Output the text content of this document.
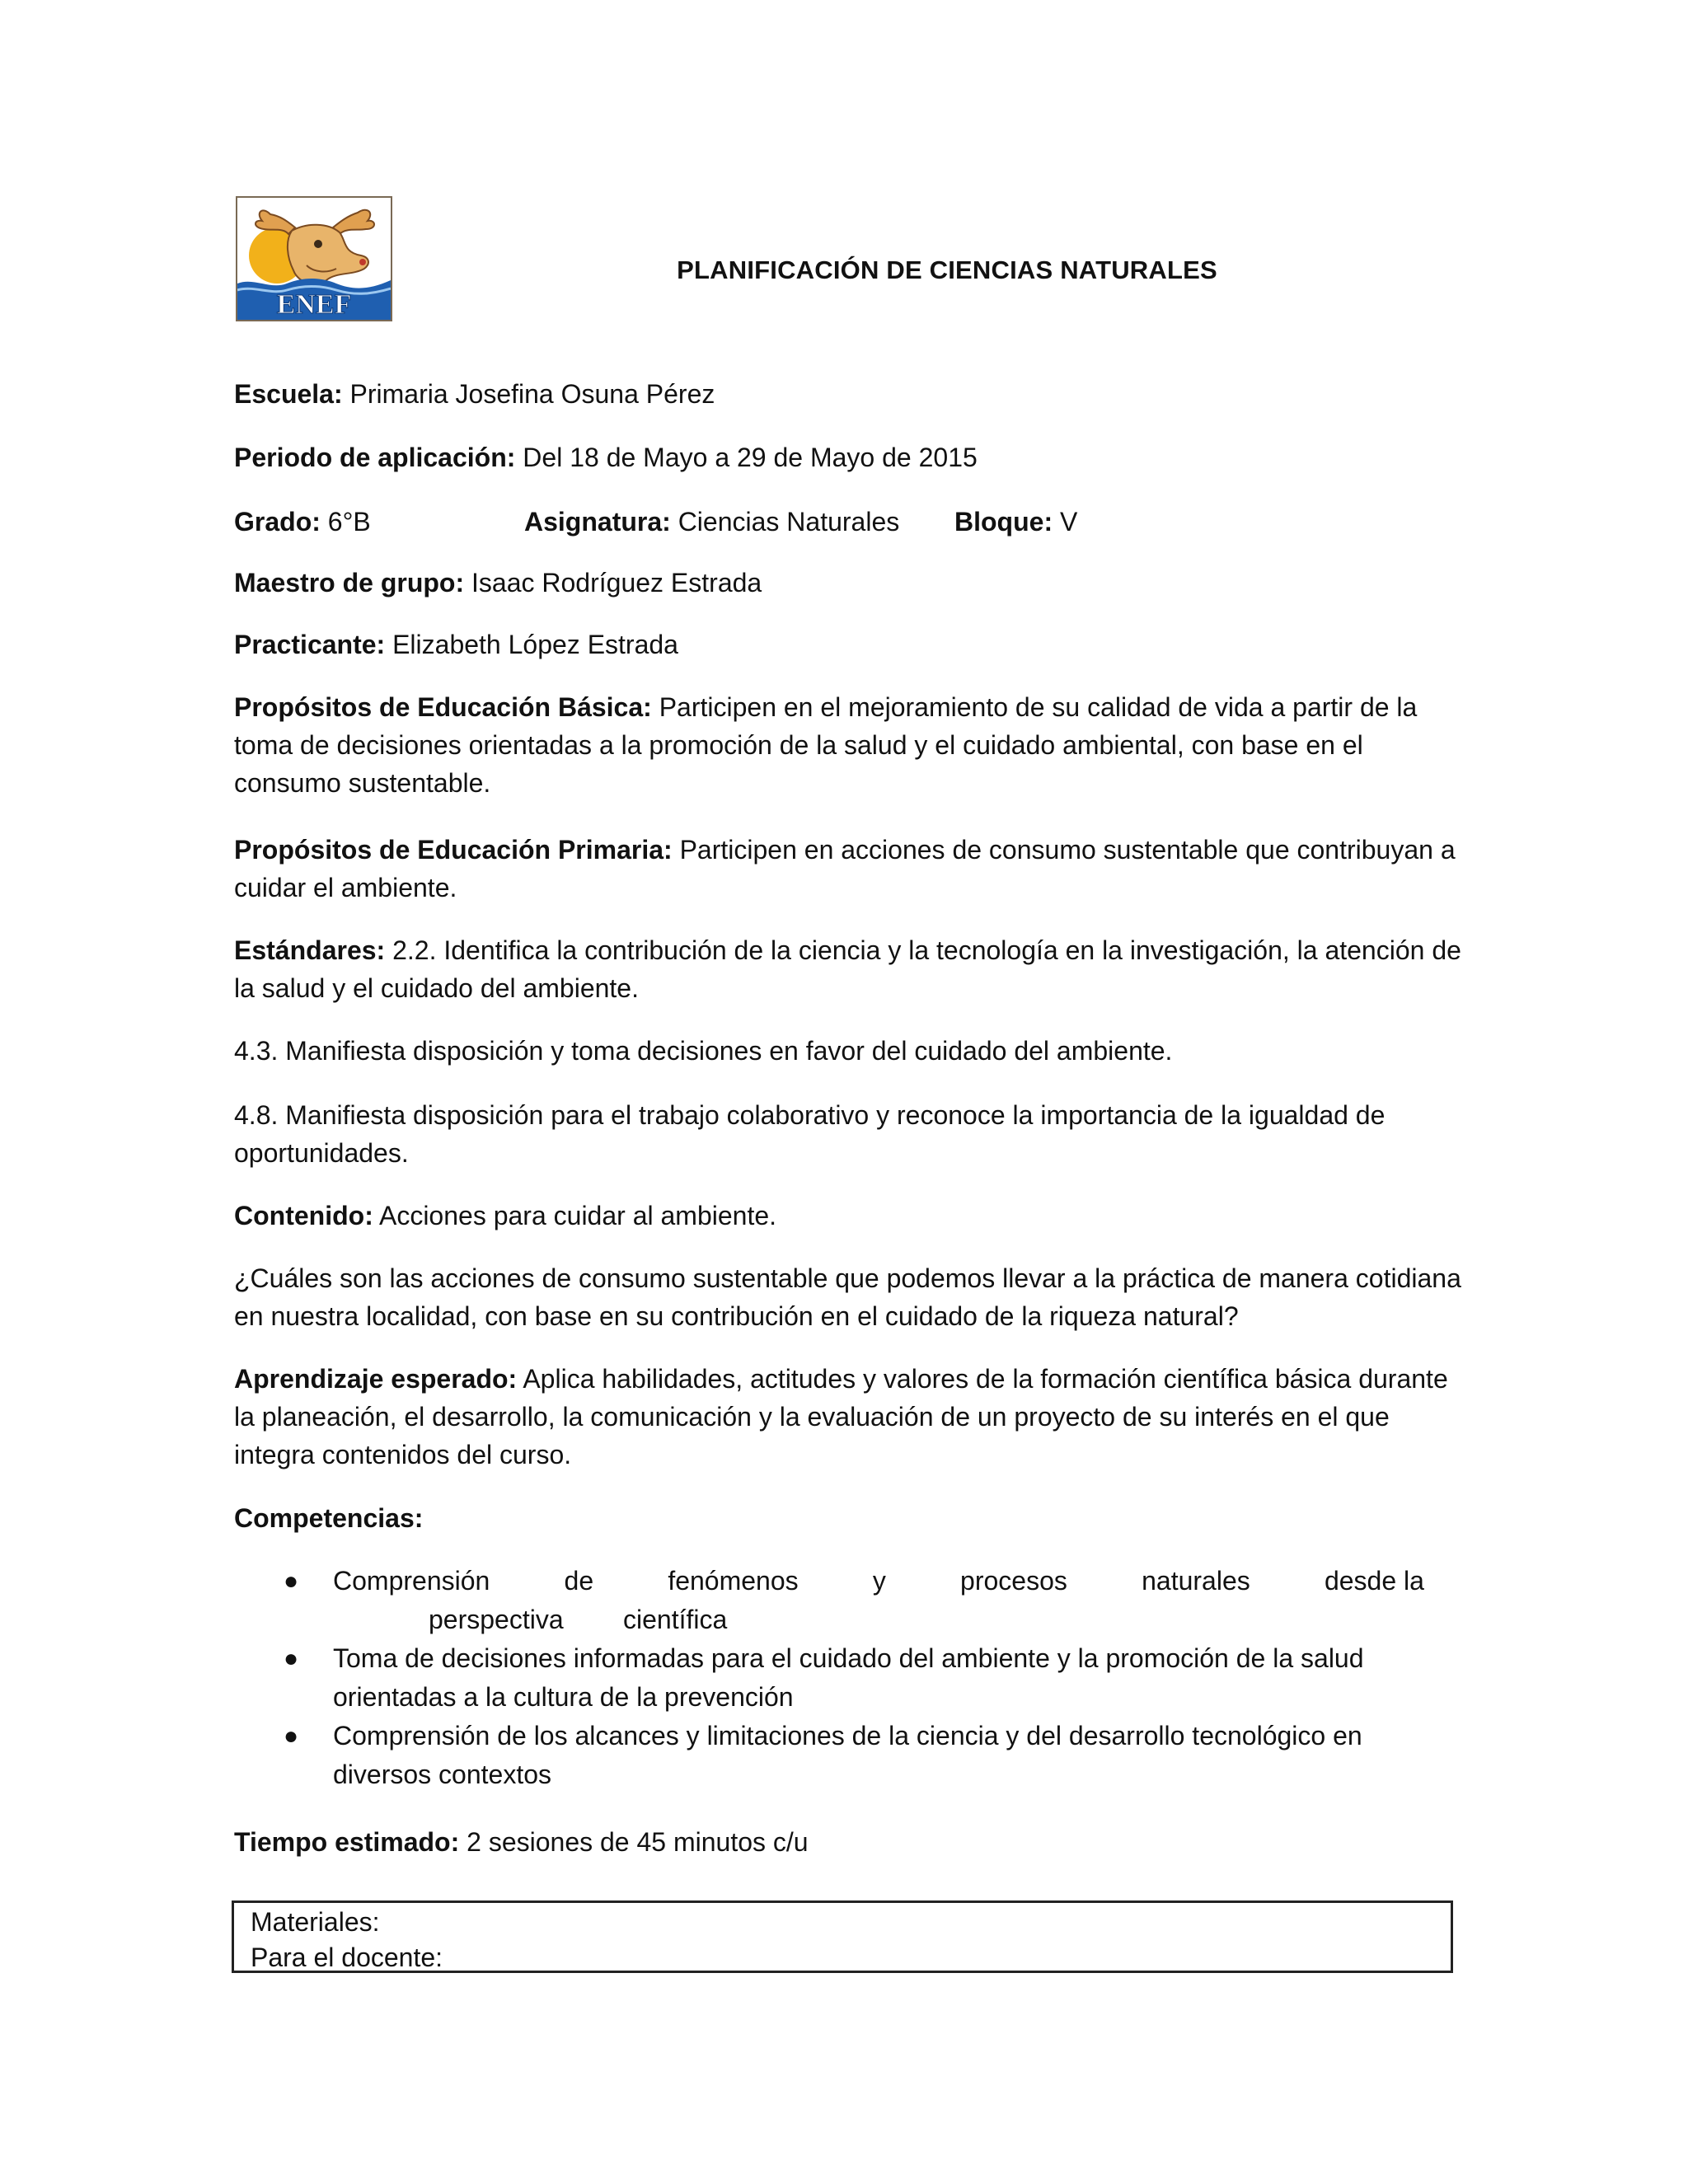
ENEF
PLANIFICACIÓN DE CIENCIAS NATURALES
Escuela: Primaria Josefina Osuna Pérez
Periodo de aplicación: Del 18 de Mayo a 29 de Mayo de 2015
Grado: 6°B	Asignatura: Ciencias Naturales Bloque: V
Maestro de grupo: Isaac Rodríguez Estrada
Practicante: Elizabeth López Estrada
Propósitos de Educación Básica: Participen en el mejoramiento de su calidad de vida a partir de la toma de decisiones orientadas a la promoción de la salud y el cuidado ambiental, con base en el consumo sustentable.
Propósitos de Educación Primaria: Participen en acciones de consumo sustentable que contribuyan a cuidar el ambiente.
Estándares: 2.2. Identifica la contribución de la ciencia y la tecnología en la investigación, la atención de la salud y el cuidado del ambiente.
4.3. Manifiesta disposición y toma decisiones en favor del cuidado del ambiente.
4.8. Manifiesta disposición para el trabajo colaborativo y reconoce la importancia de la igualdad de oportunidades.
Contenido: Acciones para cuidar al ambiente.
¿Cuáles son las acciones de consumo sustentable que podemos llevar a la práctica de manera cotidiana en nuestra localidad, con base en su contribución en el cuidado de la riqueza natural?
Aprendizaje esperado: Aplica habilidades, actitudes y valores de la formación científica básica durante la planeación, el desarrollo, la comunicación y la evaluación de un proyecto de su interés en el que integra contenidos del curso.
Competencias:
● Comprensión	de	fenómenos	y	procesos	naturales	desde la
perspectiva científica
● Toma de decisiones informadas para el cuidado del ambiente y la promoción de la salud orientadas a la cultura de la prevención
● Comprensión de los alcances y limitaciones de la ciencia y del desarrollo tecnológico en diversos contextos
Tiempo estimado: 2 sesiones de 45 minutos c/u
Materiales:
Para el docente:
